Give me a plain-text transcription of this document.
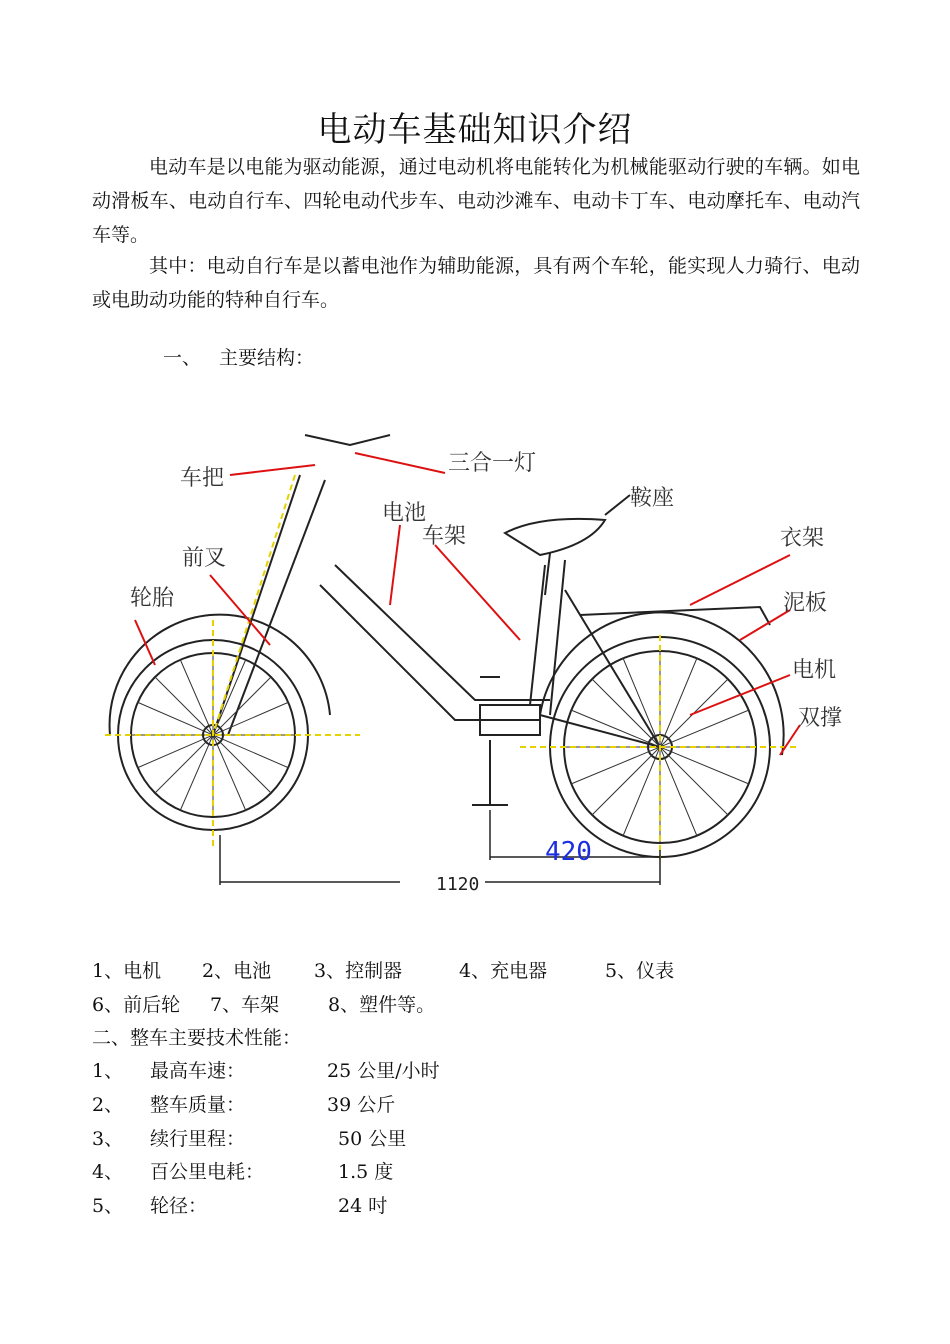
电动车基础知识介绍
电动车是以电能为驱动能源，通过电动机将电能转化为机械能驱动行驶的车辆。如电动滑板车、电动自行车、四轮电动代步车、电动沙滩车、电动卡丁车、电动摩托车、电动汽车等。
其中：电动自行车是以蓄电池作为辅助能源，具有两个车轮，能实现人力骑行、电动或电助动功能的特种自行车。
一、 主要结构：
车把
三合一灯
鞍座
电池
车架
前叉
衣架
轮胎	泥板
电机
双撑
420
1120
1、电机 2、电池 3、控制器	4、充电器	5、仪表
6、前后轮 7、车架	8、塑件等。
二、整车主要技术性能：
1、 最高车速：	25 公里/小时
2、 整车质量：	39 公斤
3、 续行里程：	50 公里
4、 百公里电耗：	1.5 度
5、 轮径：	24 吋
